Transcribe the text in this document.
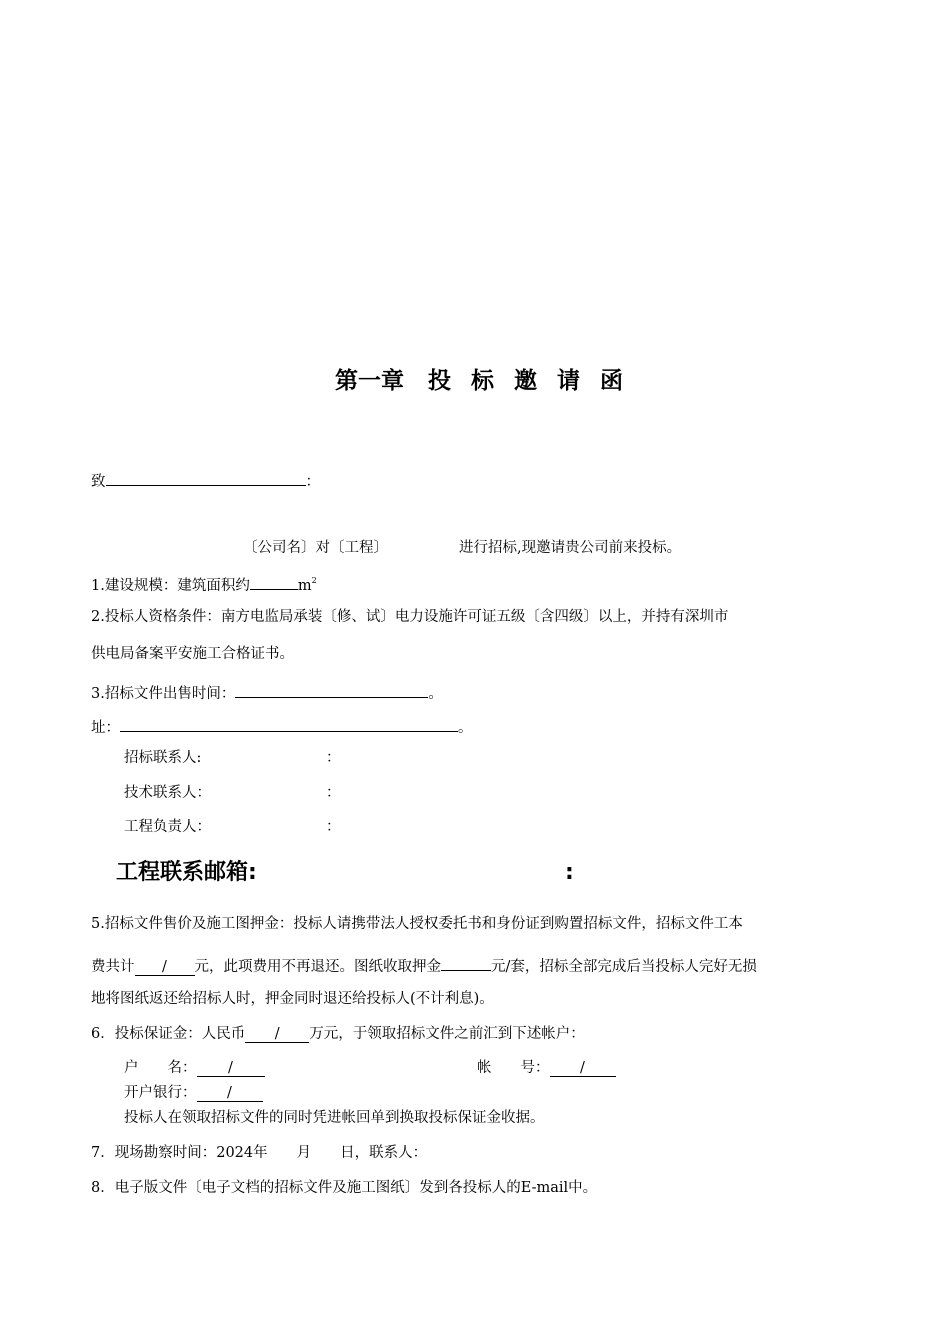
第一章 投 标 邀 请 函
致	：
〔公司名〕对〔工程〕	进行招标,现邀请贵公司前来投标。
1.建设规模：建筑面积约	$m^2$
2.投标人资格条件：南方电监局承装〔修、试〕电力设施许可证五级〔含四级〕以上，并持有深圳市
供电局备案平安施工合格证书。
3.招标文件出售时间：	。
址：	。
招标联系人:	：
技术联系人：	：
工程负责人：	：
工程联系邮箱:	:
5.招标文件售价及施工图押金：投标人请携带法人授权委托书和身份证到购置招标文件，招标文件工本
费共计 / 元，此项费用不再退还。图纸收取押金	元/套，招标全部完成后当投标人完好无损
地将图纸返还给招标人时，押金同时退还给投标人(不计利息)。
6．投标保证金：人民币 / 万元，于领取招标文件之前汇到下述帐户：
户　　名： /	帐　　号： /
开户银行： /
投标人在领取招标文件的同时凭进帐回单到换取投标保证金收据。
7．现场勘察时间：2024年　　月　　日，联系人：
8．电子版文件〔电子文档的招标文件及施工图纸〕发到各投标人的E-mail中。
